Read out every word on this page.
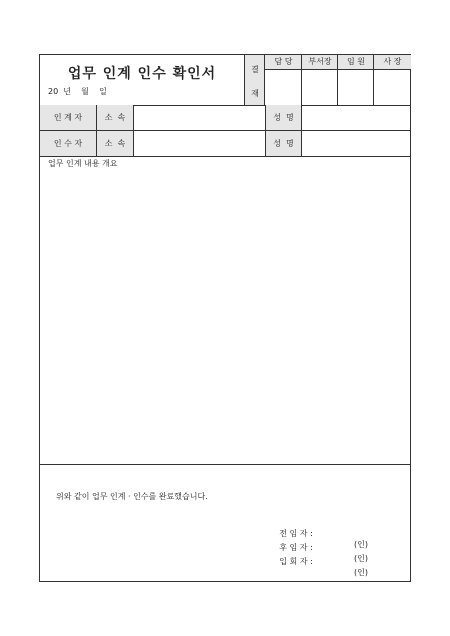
업무 인계 인수 확인서
20  년    월    일
결
재
담 당	부서장	임 원	사 장
인 계 자	소  속	성  명
인 수 자	소  속	성  명
업무 인계 내용 개요
위와 같이 업무 인계 · 인수를 완료했습니다.

전 임 자 :

(인)

후 임 자 :

(인)

입 회 자 :

(인)
